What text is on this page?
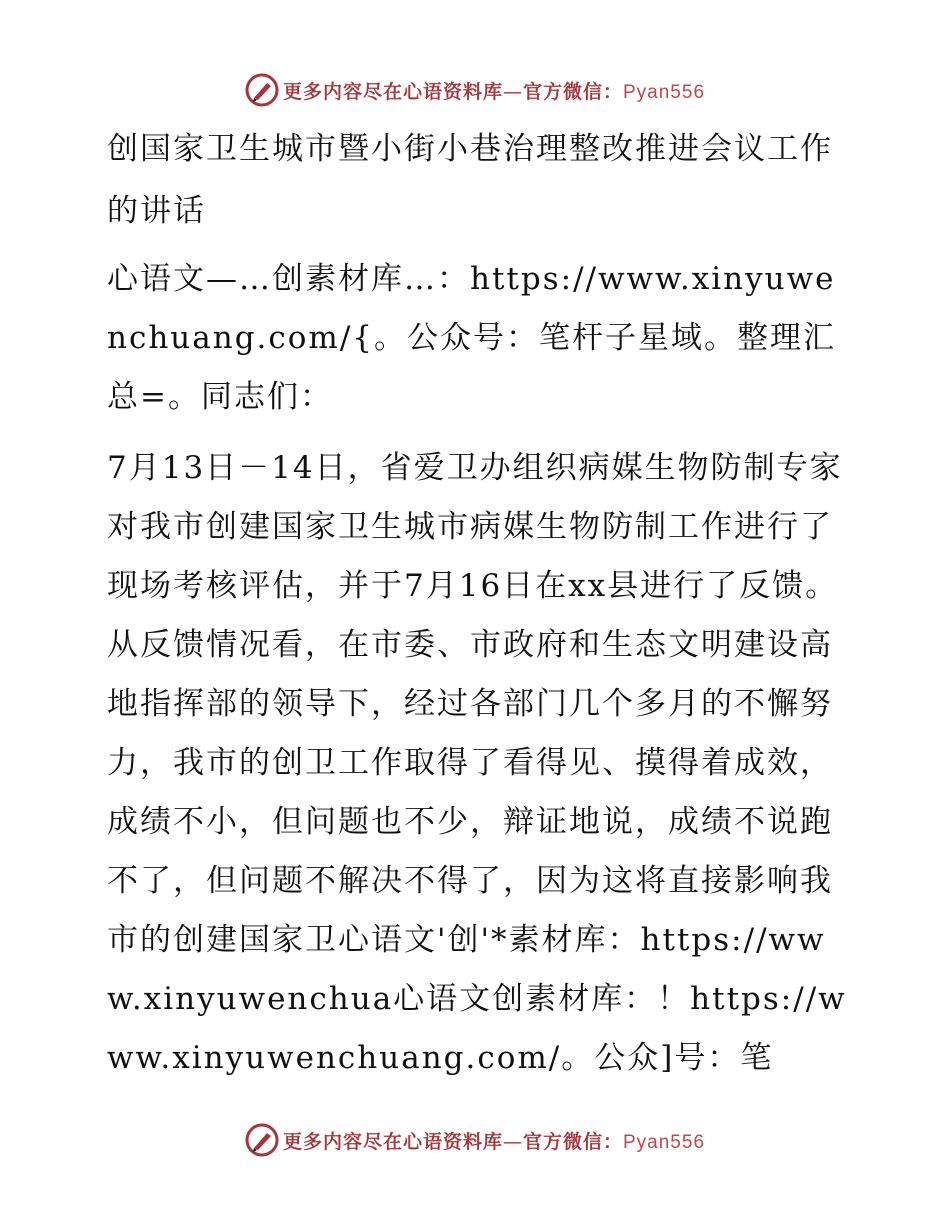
更多内容尽在心语资料库—官方微信：Pyan556

创国家卫生城市暨小街小巷治理整改推进会议工作的讲话

心语文—…创素材库…：https://www.xinyuwenchuang.com/{。公众号：笔杆子星域。整理汇总=。同志们：

7月13日－14日，省爱卫办组织病媒生物防制专家对我市创建国家卫生城市病媒生物防制工作进行了现场考核评估，并于7月16日在xx县进行了反馈。从反馈情况看，在市委、市政府和生态文明建设高地指挥部的领导下，经过各部门几个多月的不懈努力，我市的创卫工作取得了看得见、摸得着成效，成绩不小，但问题也不少，辩证地说，成绩不说跑不了，但问题不解决不得了，因为这将直接影响我市的创建国家卫心语文'创'*素材库：https://www.xinyuwenchua心语文创素材库：！https://www.xinyuwenchuang.com/。公众]号：笔

更多内容尽在心语资料库—官方微信：Pyan556
